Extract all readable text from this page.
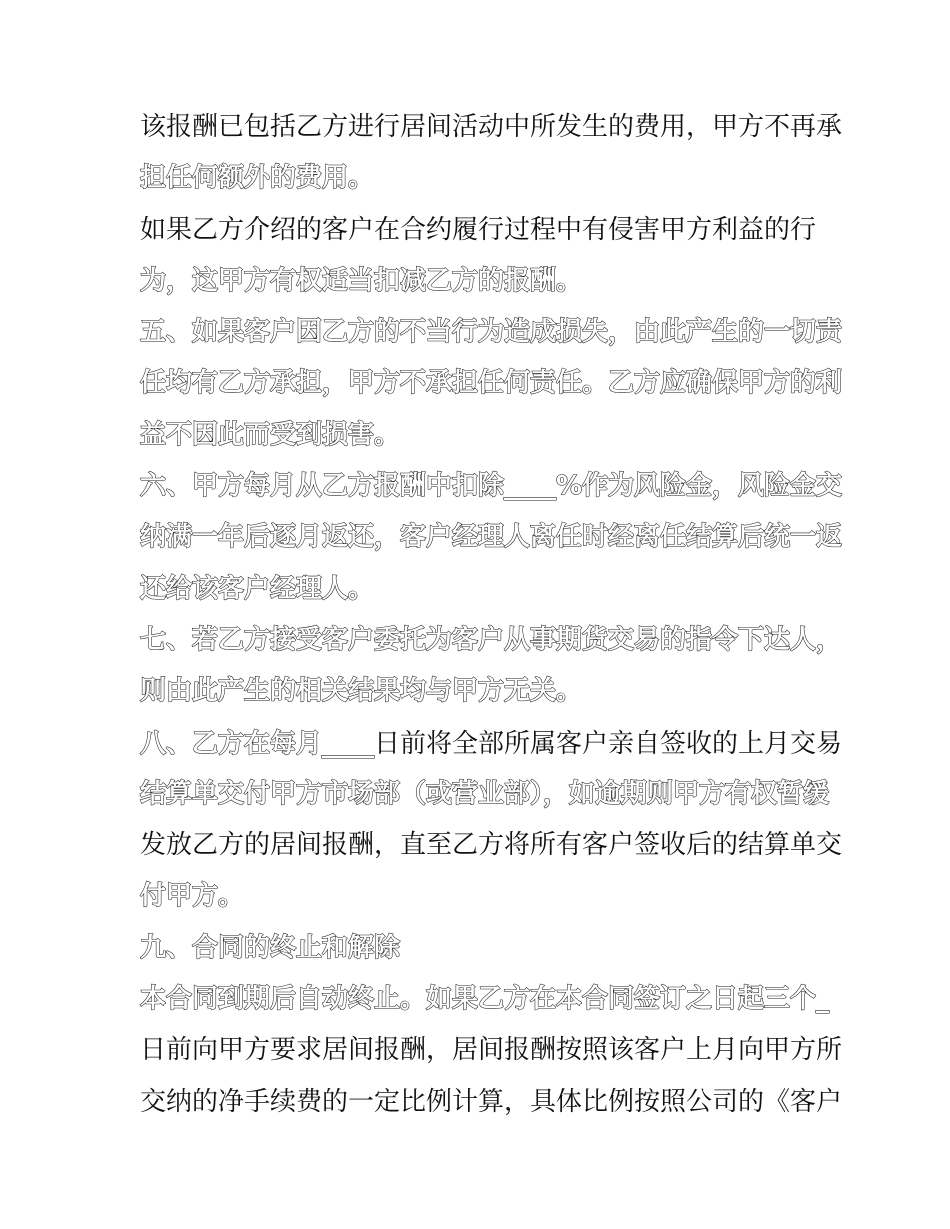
该报酬已包括乙方进行居间活动中所发生的费用，甲方不再承
担任何额外的费用。
如果乙方介绍的客户在合约履行过程中有侵害甲方利益的行
为，这甲方有权适当扣减乙方的报酬。
五、如果客户因乙方的不当行为造成损失，由此产生的一切责
任均有乙方承担，甲方不承担任何责任。乙方应确保甲方的利
益不因此而受到损害。
六、甲方每月从乙方报酬中扣除____%作为风险金，风险金交
纳满一年后逐月返还，客户经理人离任时经离任结算后统一返
还给该客户经理人。
七、若乙方接受客户委托为客户从事期货交易的指令下达人，
则由此产生的相关结果均与甲方无关。
八、乙方在每月____日前将全部所属客户亲自签收的上月交易
结算单交付甲方市场部（或营业部），如逾期则甲方有权暂缓
发放乙方的居间报酬，直至乙方将所有客户签收后的结算单交
付甲方。
九、合同的终止和解除
本合同到期后自动终止。如果乙方在本合同签订之日起三个_
日前向甲方要求居间报酬，居间报酬按照该客户上月向甲方所
交纳的净手续费的一定比例计算，具体比例按照公司的《客户
